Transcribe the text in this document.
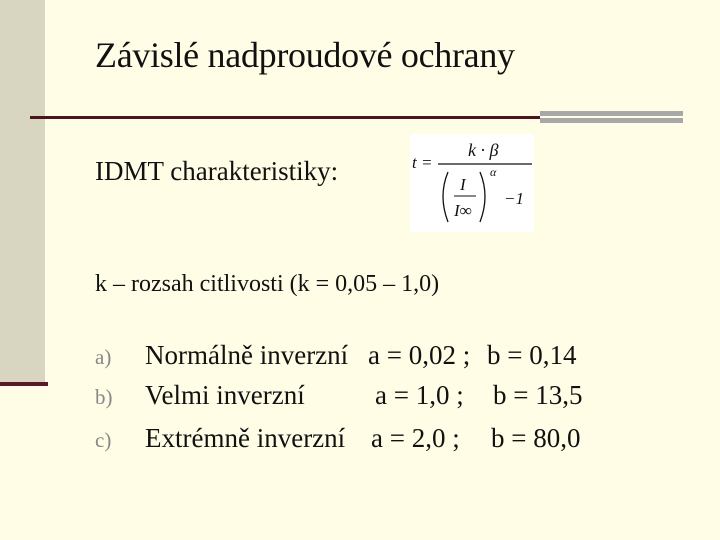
Závislé nadproudové ochrany
IDMT charakteristiky:	t =
k · β
I
I∞
α
−1
k – rozsah citlivosti (k = 0,05 – 1,0)
a) Normálně inverzní a = 0,02 ; b = 0,14
b) Velmi inverzní	a = 1,0 ; b = 13,5
c) Extrémně inverzní a = 2,0 ; b = 80,0
